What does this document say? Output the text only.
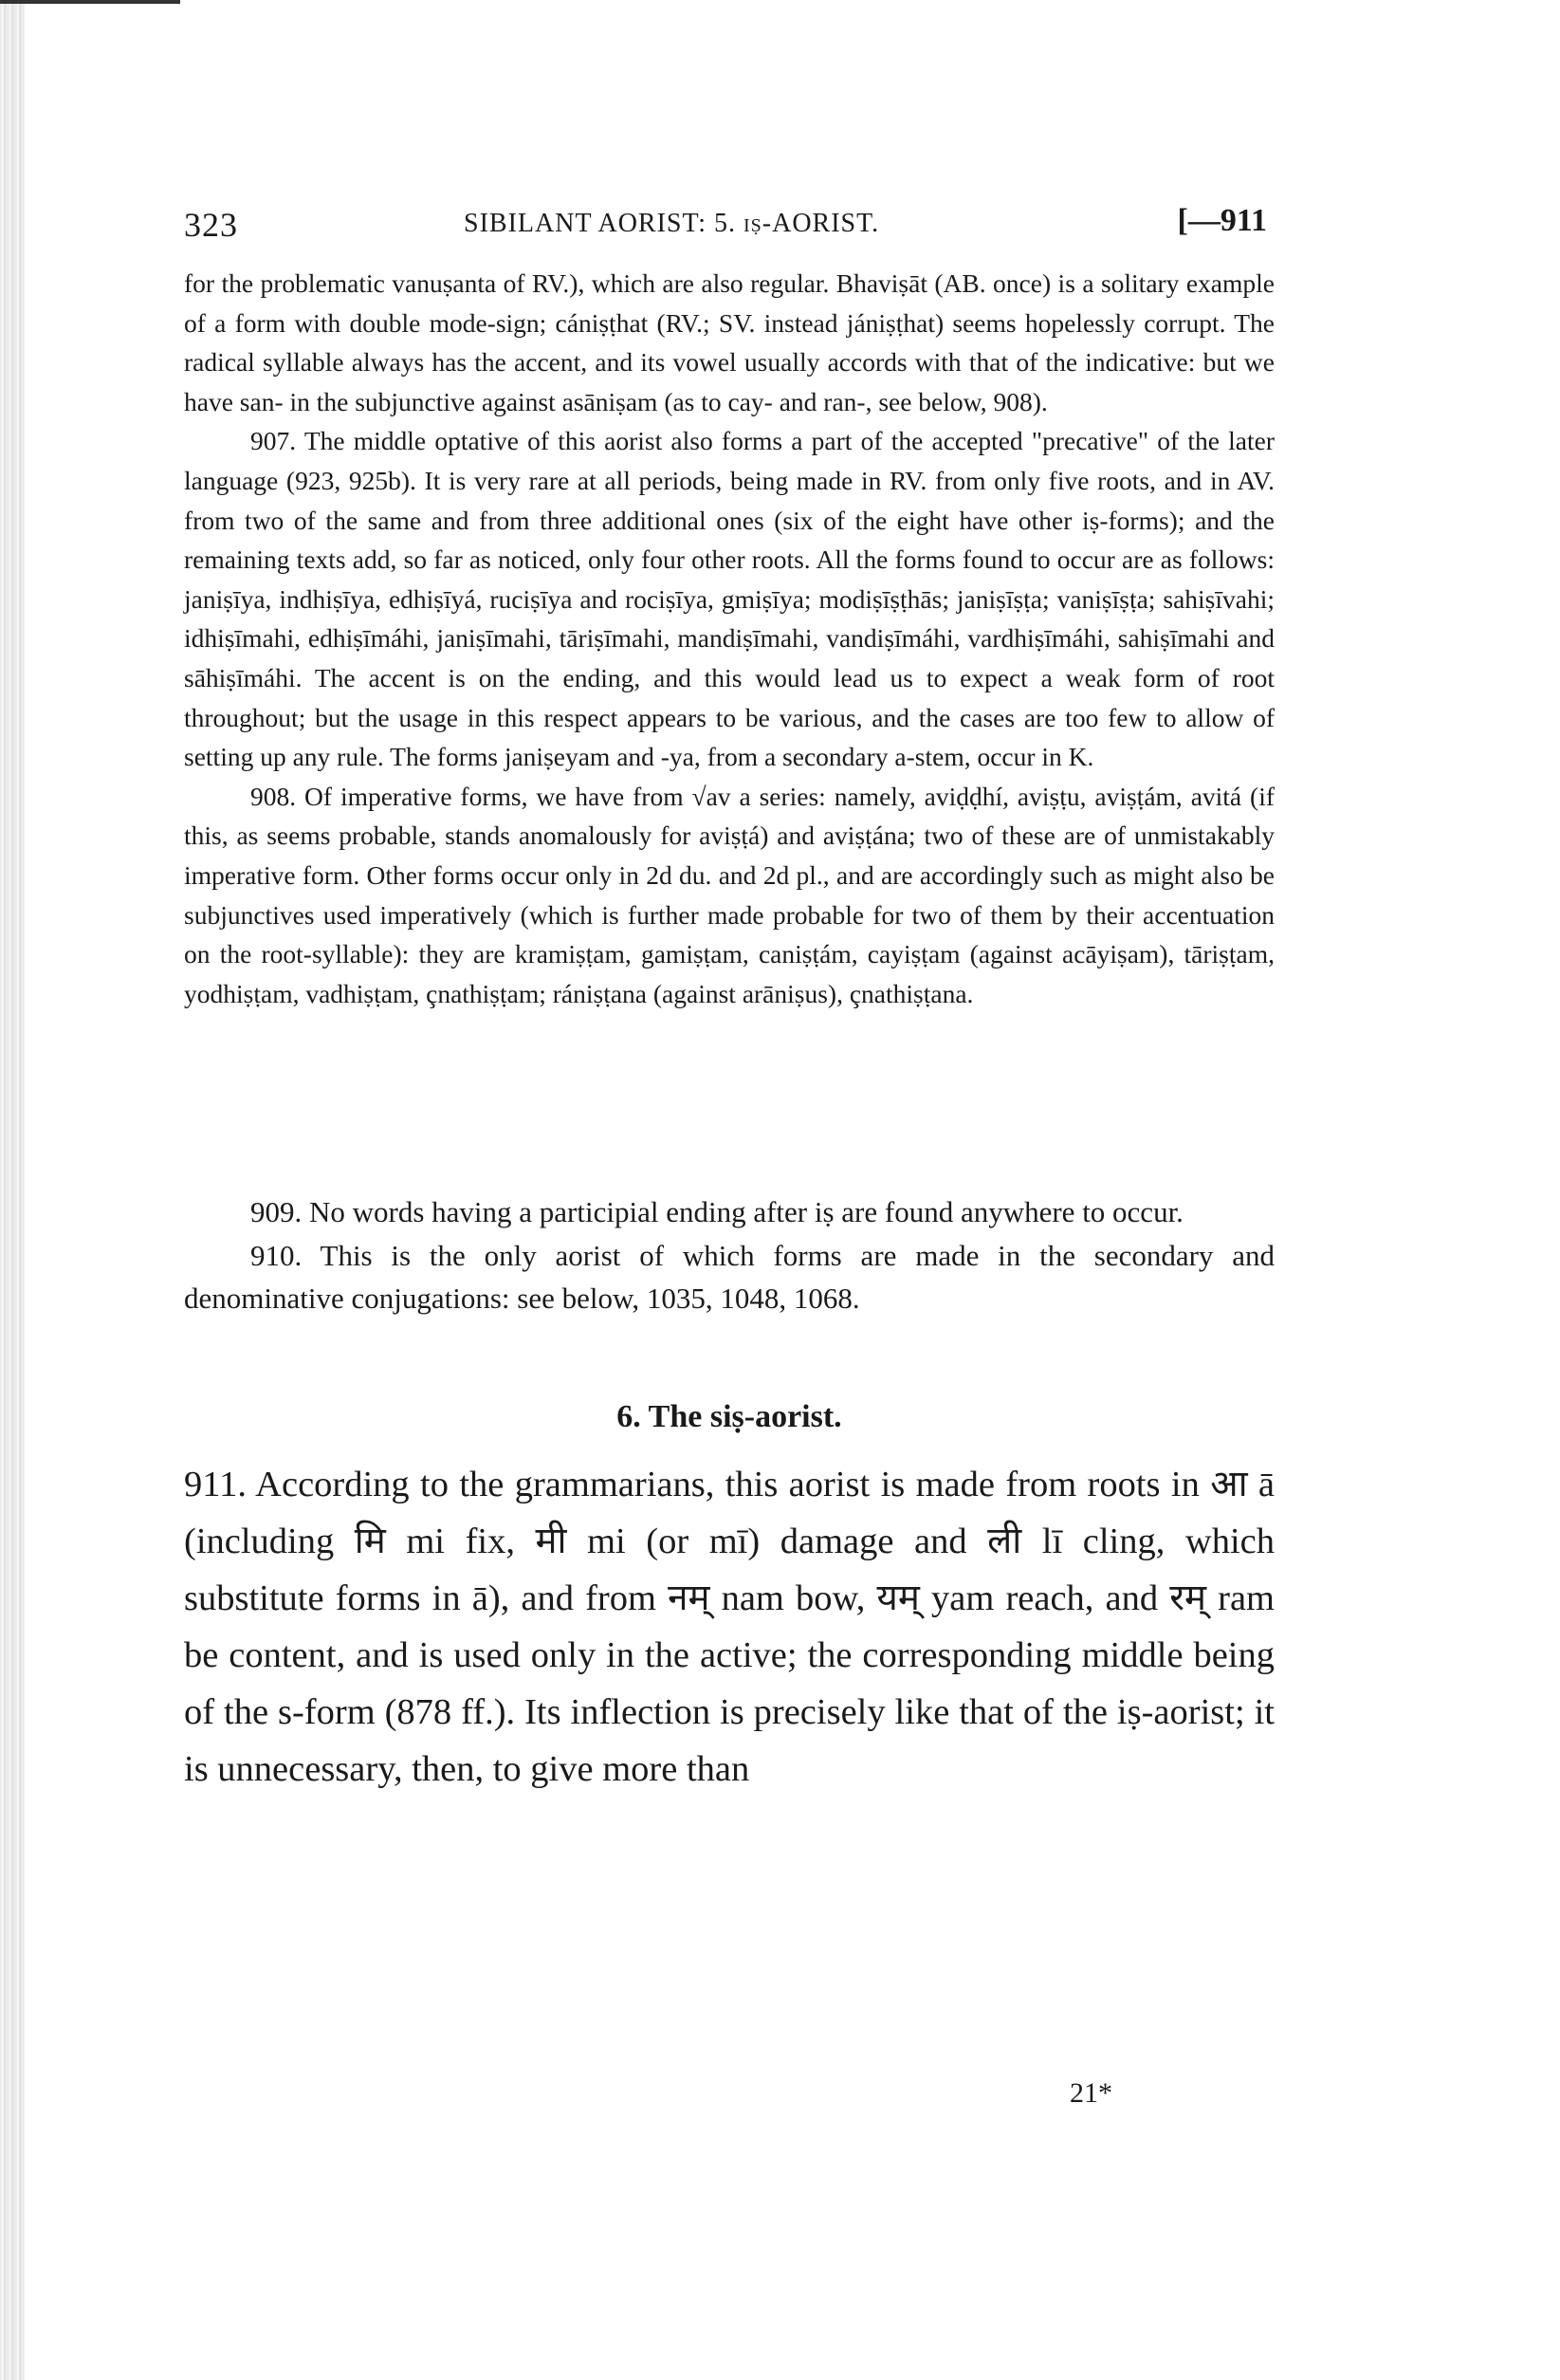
323	SIBILANT AORIST: 5. iṣ-AORIST.	[—911

for the problematic vanuṣanta of RV.), which are also regular. Bhaviṣāt (AB. once) is a solitary example of a form with double mode-sign; cániṣṭhat (RV.; SV. instead jániṣṭhat) seems hopelessly corrupt. The radical syllable always has the accent, and its vowel usually accords with that of the indicative: but we have san- in the subjunctive against asāniṣam (as to cay- and ran-, see below, 908).

907. The middle optative of this aorist also forms a part of the accepted "precative" of the later language (923, 925b). It is very rare at all periods, being made in RV. from only five roots, and in AV. from two of the same and from three additional ones (six of the eight have other iṣ-forms); and the remaining texts add, so far as noticed, only four other roots. All the forms found to occur are as follows: janiṣīya, indhiṣīya, edhiṣīyá, ruciṣīya and rociṣīya, gmiṣīya; modiṣīṣṭhās; janiṣīṣṭa; vaniṣīṣṭa; sahiṣīvahi; idhiṣīmahi, edhiṣīmáhi, janiṣīmahi, tāriṣīmahi, mandiṣīmahi, vandiṣīmáhi, vardhiṣīmáhi, sahiṣīmahi and sāhiṣīmáhi. The accent is on the ending, and this would lead us to expect a weak form of root throughout; but the usage in this respect appears to be various, and the cases are too few to allow of setting up any rule. The forms janiṣeyam and -ya, from a secondary a-stem, occur in K.

908. Of imperative forms, we have from √av a series: namely, aviḍḍhí, aviṣṭu, aviṣṭám, avitá (if this, as seems probable, stands anomalously for aviṣṭá) and aviṣṭána; two of these are of unmistakably imperative form. Other forms occur only in 2d du. and 2d pl., and are accordingly such as might also be subjunctives used imperatively (which is further made probable for two of them by their accentuation on the root-syllable): they are kramiṣṭam, gamiṣṭam, caniṣṭám, cayiṣṭam (against acāyiṣam), tāriṣṭam, yodhiṣṭam, vadhiṣṭam, çnathiṣṭam; rániṣṭana (against arāniṣus), çnathiṣṭana.

909. No words having a participial ending after iṣ are found anywhere to occur.

910. This is the only aorist of which forms are made in the secondary and denominative conjugations: see below, 1035, 1048, 1068.

6. The siṣ-aorist.

911. According to the grammarians, this aorist is made from roots in आ ā (including मि mi fix, मी mi (or mī) damage and ली lī cling, which substitute forms in ā), and from नम् nam bow, यम् yam reach, and रम् ram be content, and is used only in the active; the corresponding middle being of the s-form (878 ff.). Its inflection is precisely like that of the iṣ-aorist; it is unnecessary, then, to give more than

21*
